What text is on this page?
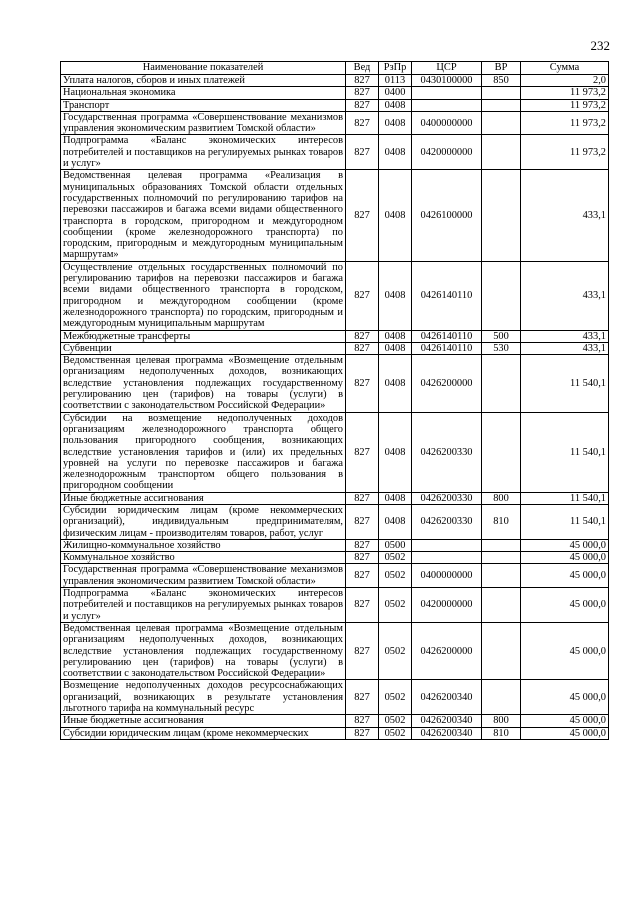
232
Наименование показателей	Вед	РзПр	ЦСР	ВР	Сумма
Уплата налогов, сборов и иных платежей	827	0113	0430100000	850	2,0
Национальная экономика	827	0400			11 973,2
Транспорт	827	0408			11 973,2
Государственная программа «Совершенствование механизмов управления экономическим развитием Томской области»	827	0408	0400000000		11 973,2
Подпрограмма «Баланс экономических интересов потребителей и поставщиков на регулируемых рынках товаров и услуг»	827	0408	0420000000		11 973,2
Ведомственная целевая программа «Реализация в муниципальных образованиях Томской области отдельных государственных полномочий по регулированию тарифов на перевозки пассажиров и багажа всеми видами общественного транспорта в городском, пригородном и междугородном сообщении (кроме железнодорожного транспорта) по городским, пригородным и междугородным муниципальным маршрутам»	827	0408	0426100000		433,1
Осуществление отдельных государственных полномочий по регулированию тарифов на перевозки пассажиров и багажа всеми видами общественного транспорта в городском, пригородном и междугородном сообщении (кроме железнодорожного транспорта) по городским, пригородным и междугородным муниципальным маршрутам	827	0408	0426140110		433,1
Межбюджетные трансферты	827	0408	0426140110	500	433,1
Субвенции	827	0408	0426140110	530	433,1
Ведомственная целевая программа «Возмещение отдельным организациям недополученных доходов, возникающих вследствие установления подлежащих государственному регулированию цен (тарифов) на товары (услуги) в соответствии с законодательством Российской Федерации»	827	0408	0426200000		11 540,1
Субсидии на возмещение недополученных доходов организациям железнодорожного транспорта общего пользования пригородного сообщения, возникающих вследствие установления тарифов и (или) их предельных уровней на услуги по перевозке пассажиров и багажа железнодорожным транспортом общего пользования в пригородном сообщении	827	0408	0426200330		11 540,1
Иные бюджетные ассигнования	827	0408	0426200330	800	11 540,1
Субсидии юридическим лицам (кроме некоммерческих организаций), индивидуальным предпринимателям, физическим лицам - производителям товаров, работ, услуг	827	0408	0426200330	810	11 540,1
Жилищно-коммунальное хозяйство	827	0500			45 000,0
Коммунальное хозяйство	827	0502			45 000,0
Государственная программа «Совершенствование механизмов управления экономическим развитием Томской области»	827	0502	0400000000		45 000,0
Подпрограмма «Баланс экономических интересов потребителей и поставщиков на регулируемых рынках товаров и услуг»	827	0502	0420000000		45 000,0
Ведомственная целевая программа «Возмещение отдельным организациям недополученных доходов, возникающих вследствие установления подлежащих государственному регулированию цен (тарифов) на товары (услуги) в соответствии с законодательством Российской Федерации»	827	0502	0426200000		45 000,0
Возмещение недополученных доходов ресурсоснабжающих организаций, возникающих в результате установления льготного тарифа на коммунальный ресурс	827	0502	0426200340		45 000,0
Иные бюджетные ассигнования	827	0502	0426200340	800	45 000,0
Субсидии юридическим лицам (кроме некоммерческих	827	0502	0426200340	810	45 000,0
